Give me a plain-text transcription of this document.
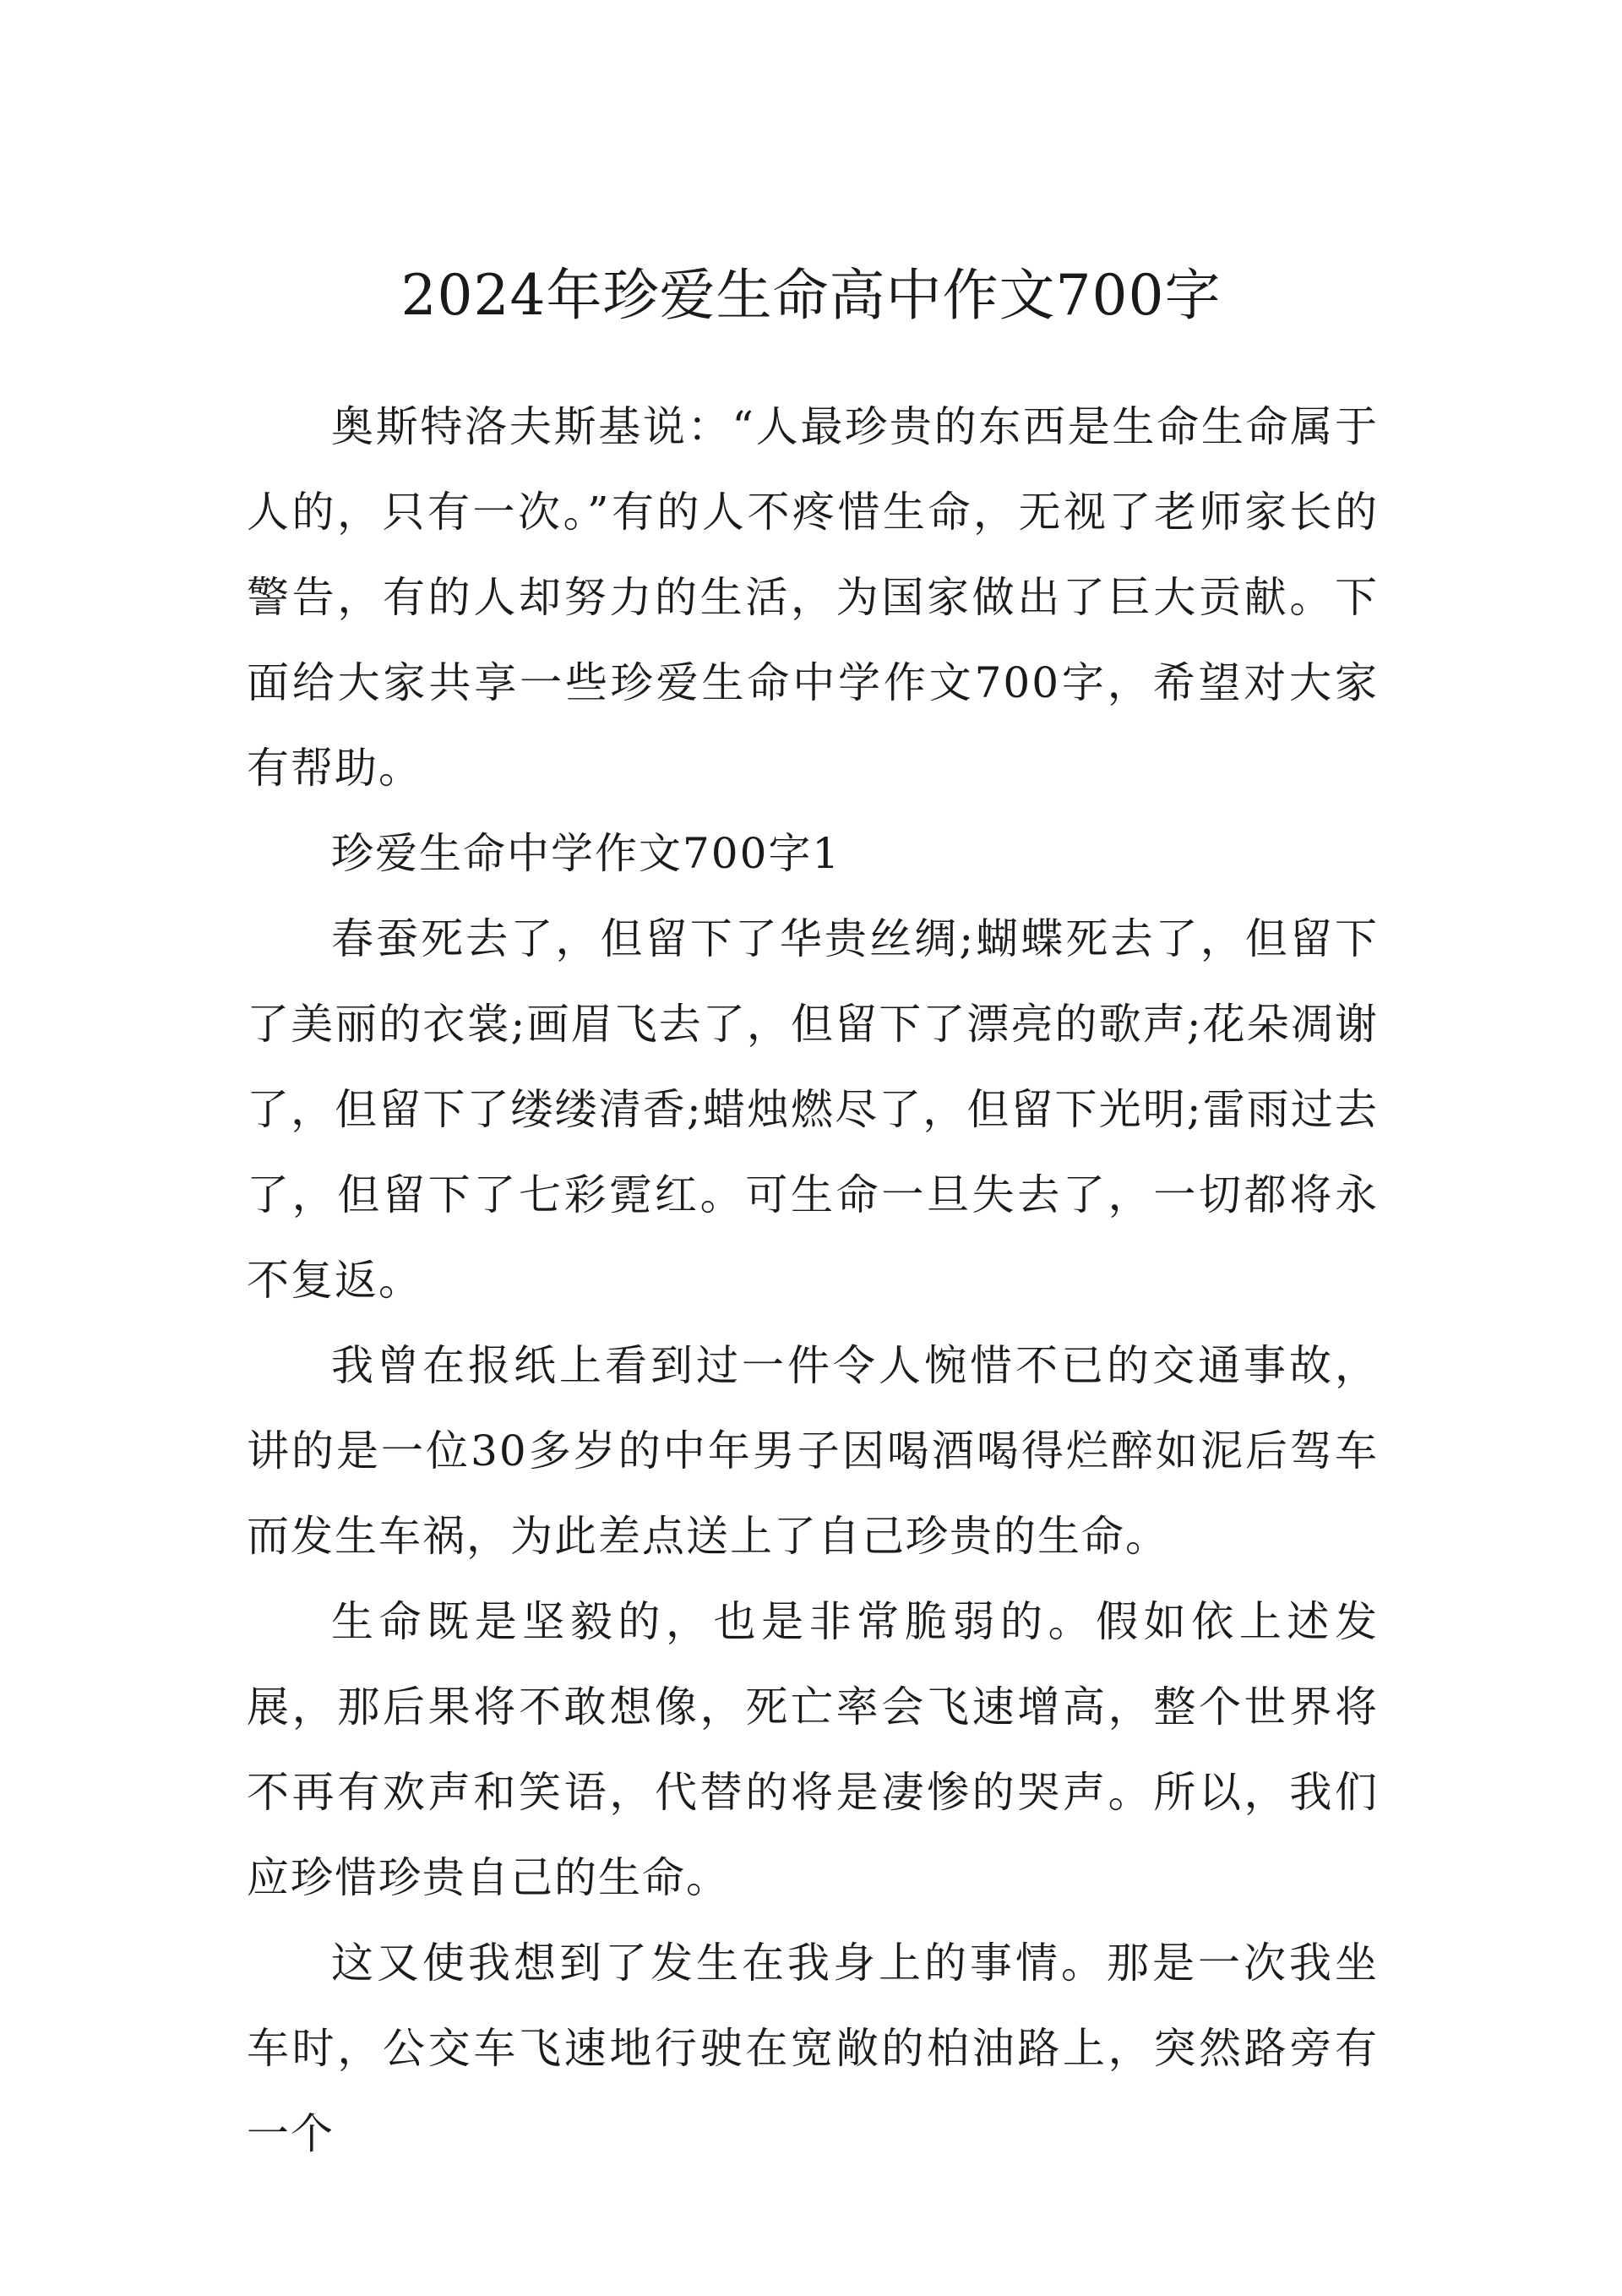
2024年珍爱生命高中作文700字

奥斯特洛夫斯基说：“人最珍贵的东西是生命生命属于人的，只有一次。”有的人不疼惜生命，无视了老师家长的警告，有的人却努力的生活，为国家做出了巨大贡献。下面给大家共享一些珍爱生命中学作文700字，希望对大家有帮助。

珍爱生命中学作文700字1

春蚕死去了，但留下了华贵丝绸;蝴蝶死去了，但留下了美丽的衣裳;画眉飞去了，但留下了漂亮的歌声;花朵凋谢了，但留下了缕缕清香;蜡烛燃尽了，但留下光明;雷雨过去了，但留下了七彩霓红。可生命一旦失去了，一切都将永不复返。

我曾在报纸上看到过一件令人惋惜不已的交通事故，讲的是一位30多岁的中年男子因喝酒喝得烂醉如泥后驾车而发生车祸，为此差点送上了自己珍贵的生命。

生命既是坚毅的，也是非常脆弱的。假如依上述发展，那后果将不敢想像，死亡率会飞速增高，整个世界将不再有欢声和笑语，代替的将是凄惨的哭声。所以，我们应珍惜珍贵自己的生命。

这又使我想到了发生在我身上的事情。那是一次我坐车时，公交车飞速地行驶在宽敞的柏油路上，突然路旁有一个
